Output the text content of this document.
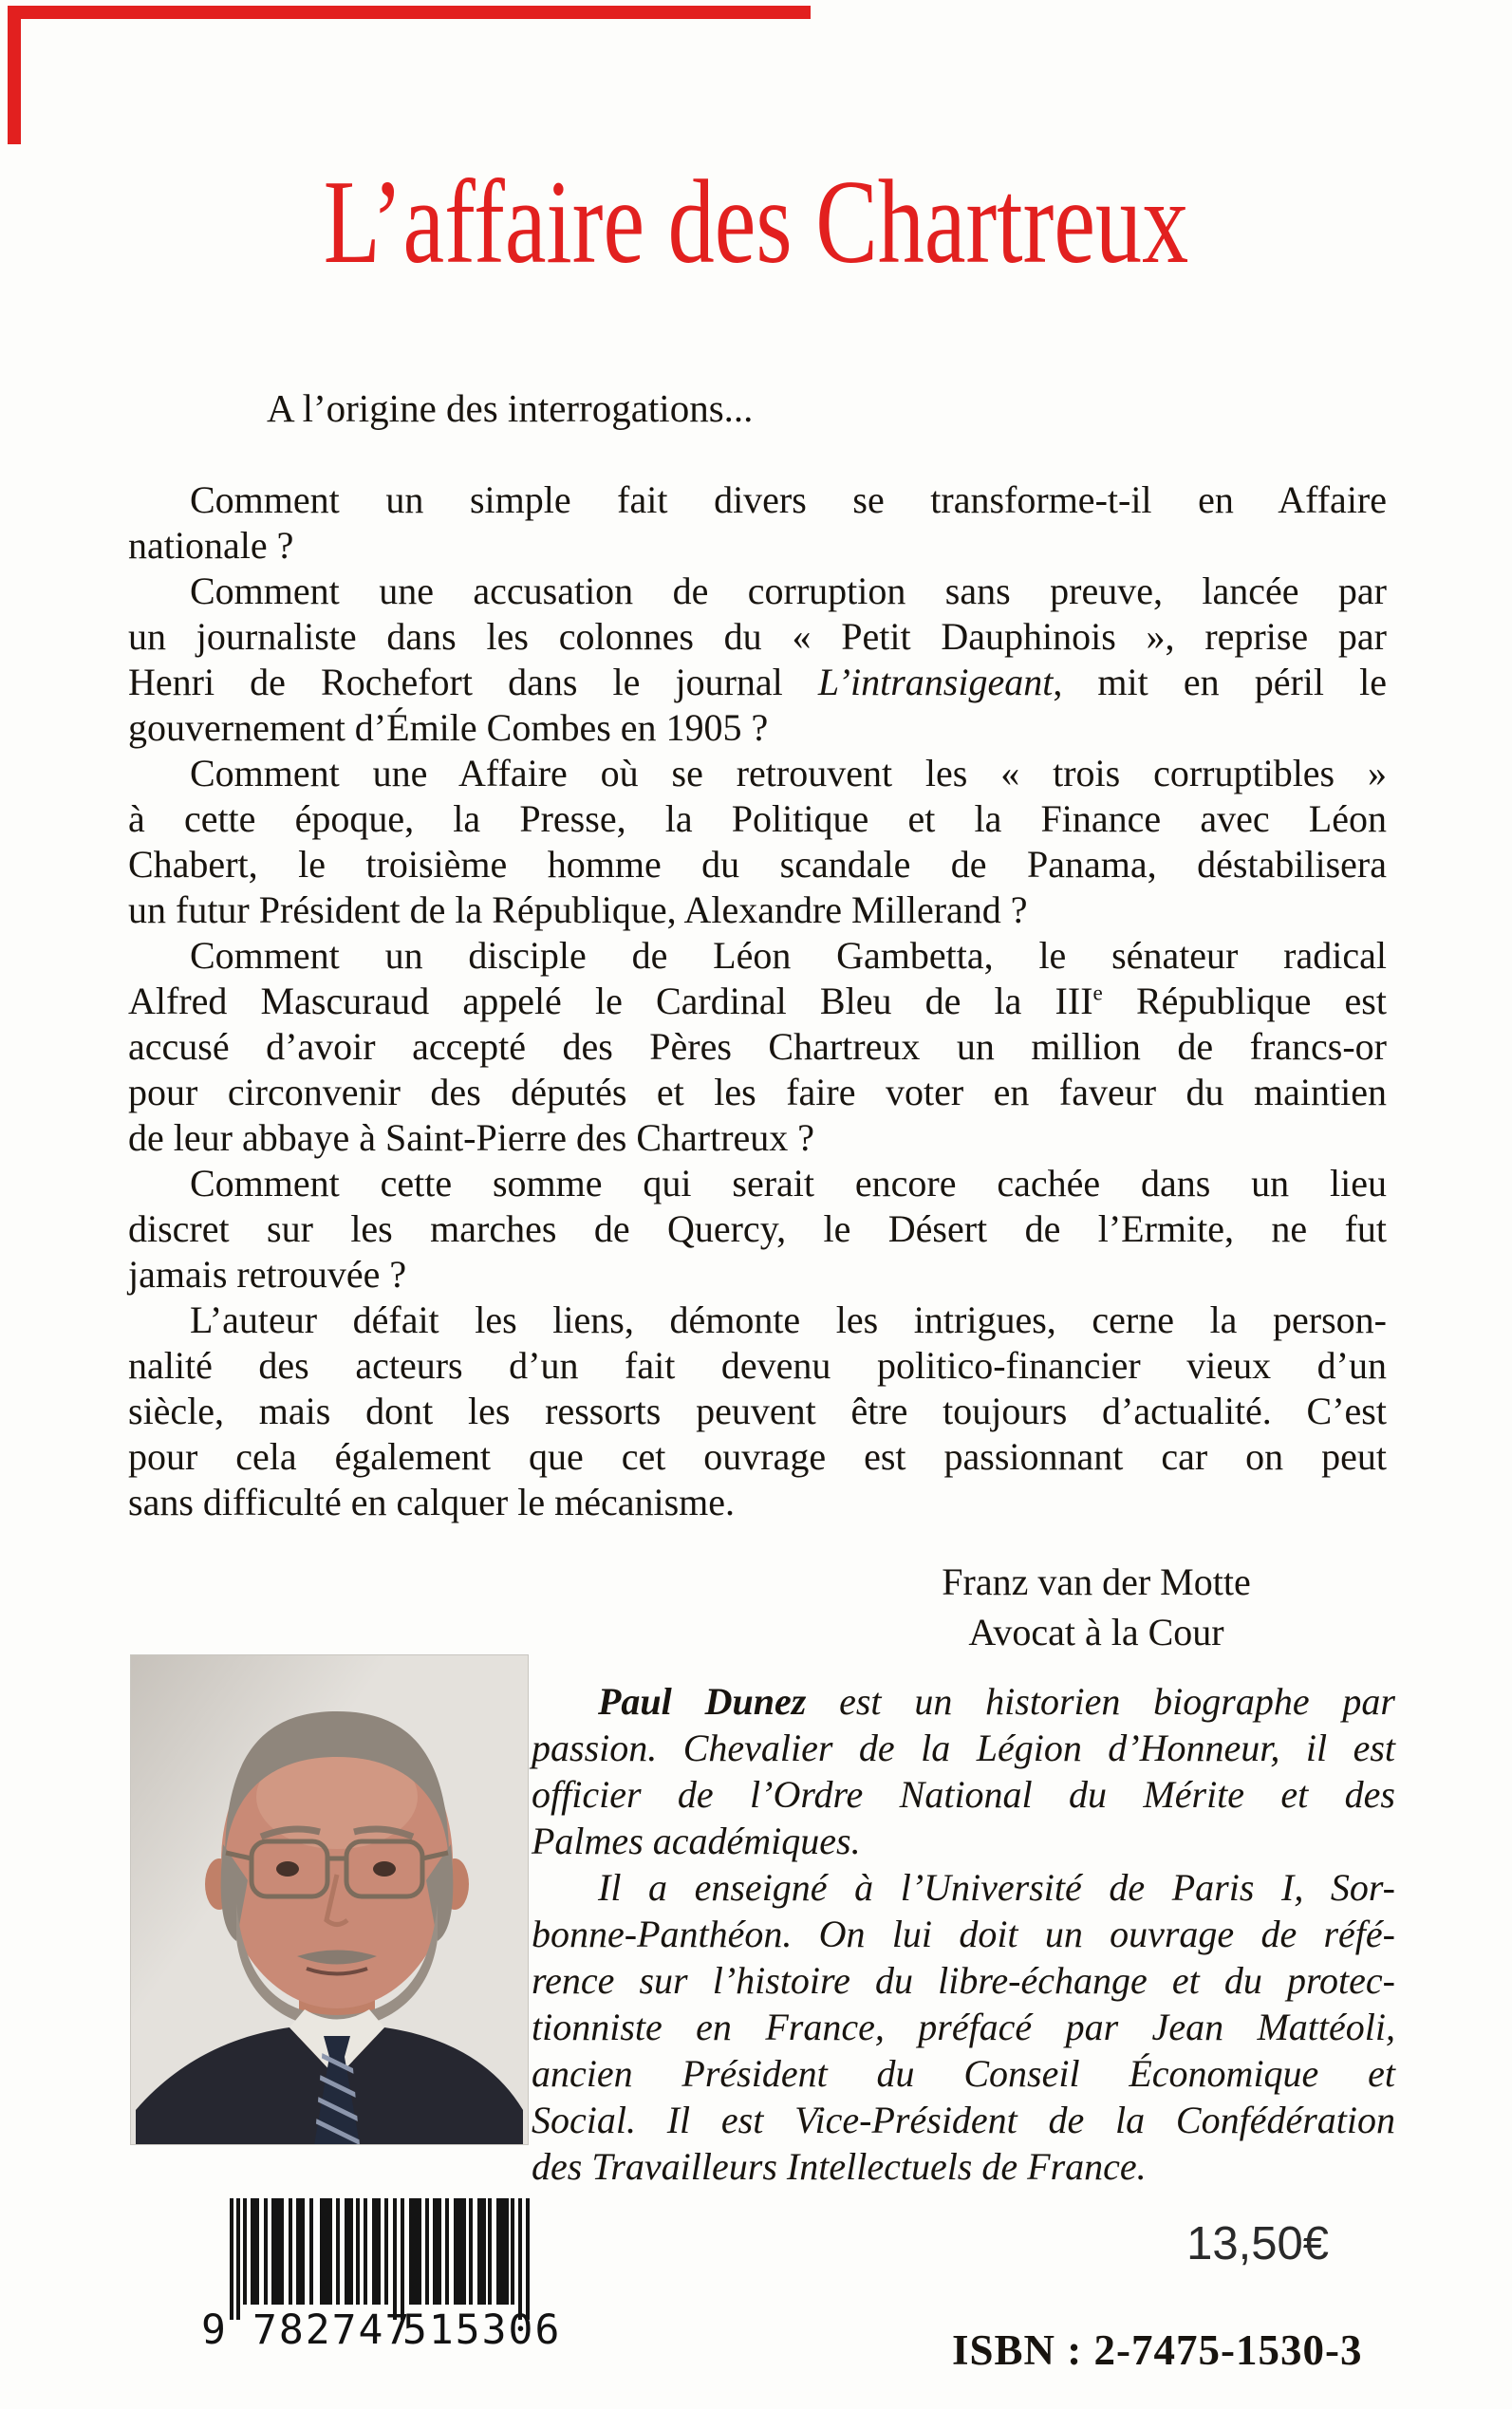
L’affaire des Chartreux
A l’origine des interrogations...
Comment un simple fait divers se transforme-t-il en Affaire
nationale ?
Comment une accusation de corruption sans preuve, lancée par
un journaliste dans les colonnes du « Petit Dauphinois », reprise par
Henri de Rochefort dans le journal L’intransigeant, mit en péril le
gouvernement d’Émile Combes en 1905 ?
Comment une Affaire où se retrouvent les « trois corruptibles »
à cette époque, la Presse, la Politique et la Finance avec Léon
Chabert, le troisième homme du scandale de Panama, déstabilisera
un futur Président de la République, Alexandre Millerand ?
Comment un disciple de Léon Gambetta, le sénateur radical
Alfred Mascuraud appelé le Cardinal Bleu de la IIIe République est
accusé d’avoir accepté des Pères Chartreux un million de francs-or
pour circonvenir des députés et les faire voter en faveur du maintien
de leur abbaye à Saint-Pierre des Chartreux ?
Comment cette somme qui serait encore cachée dans un lieu
discret sur les marches de Quercy, le Désert de l’Ermite, ne fut
jamais retrouvée ?
L’auteur défait les liens, démonte les intrigues, cerne la person-
nalité des acteurs d’un fait devenu politico-financier vieux d’un
siècle, mais dont les ressorts peuvent être toujours d’actualité. C’est
pour cela également que cet ouvrage est passionnant car on peut
sans difficulté en calquer le mécanisme.
Franz van der Motte
Avocat à la Cour
Paul Dunez est un historien biographe par
passion. Chevalier de la Légion d’Honneur, il est
officier de l’Ordre National du Mérite et des
Palmes académiques.
Il a enseigné à l’Université de Paris I, Sor-
bonne-Panthéon. On lui doit un ouvrage de réfé-
rence sur l’histoire du libre-échange et du protec-
tionniste en France, préfacé par Jean Mattéoli,
ancien Président du Conseil Économique et
Social. Il est Vice-Président de la Confédération
des Travailleurs Intellectuels de France.
9 782747
515306
13,50€
ISBN : 2-7475-1530-3
